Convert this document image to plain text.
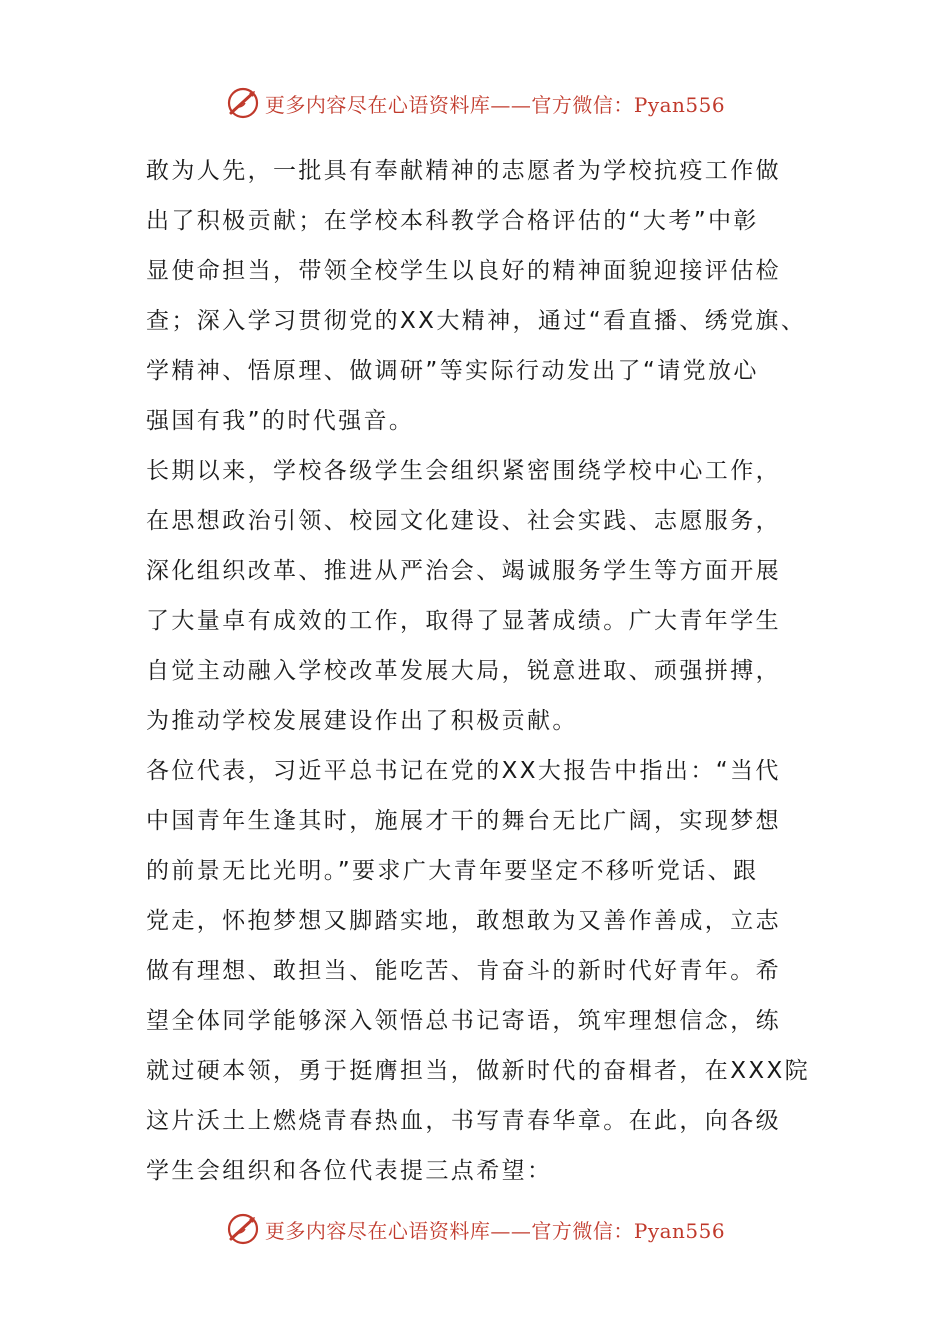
更多内容尽在心语资料库——官方微信：Pyan556
敢为人先，一批具有奉献精神的志愿者为学校抗疫工作做
出了积极贡献；在学校本科教学合格评估的“大考”中彰
显使命担当，带领全校学生以良好的精神面貌迎接评估检
查；深入学习贯彻党的XX大精神，通过“看直播、绣党旗、
学精神、悟原理、做调研”等实际行动发出了“请党放心
强国有我”的时代强音。
长期以来，学校各级学生会组织紧密围绕学校中心工作，
在思想政治引领、校园文化建设、社会实践、志愿服务，
深化组织改革、推进从严治会、竭诚服务学生等方面开展
了大量卓有成效的工作，取得了显著成绩。广大青年学生
自觉主动融入学校改革发展大局，锐意进取、顽强拼搏，
为推动学校发展建设作出了积极贡献。
各位代表，习近平总书记在党的XX大报告中指出：“当代
中国青年生逢其时，施展才干的舞台无比广阔，实现梦想
的前景无比光明。”要求广大青年要坚定不移听党话、跟
党走，怀抱梦想又脚踏实地，敢想敢为又善作善成，立志
做有理想、敢担当、能吃苦、肯奋斗的新时代好青年。希
望全体同学能够深入领悟总书记寄语，筑牢理想信念，练
就过硬本领，勇于挺膺担当，做新时代的奋楫者，在XXX院
这片沃土上燃烧青春热血，书写青春华章。在此，向各级
学生会组织和各位代表提三点希望：
更多内容尽在心语资料库——官方微信：Pyan556
